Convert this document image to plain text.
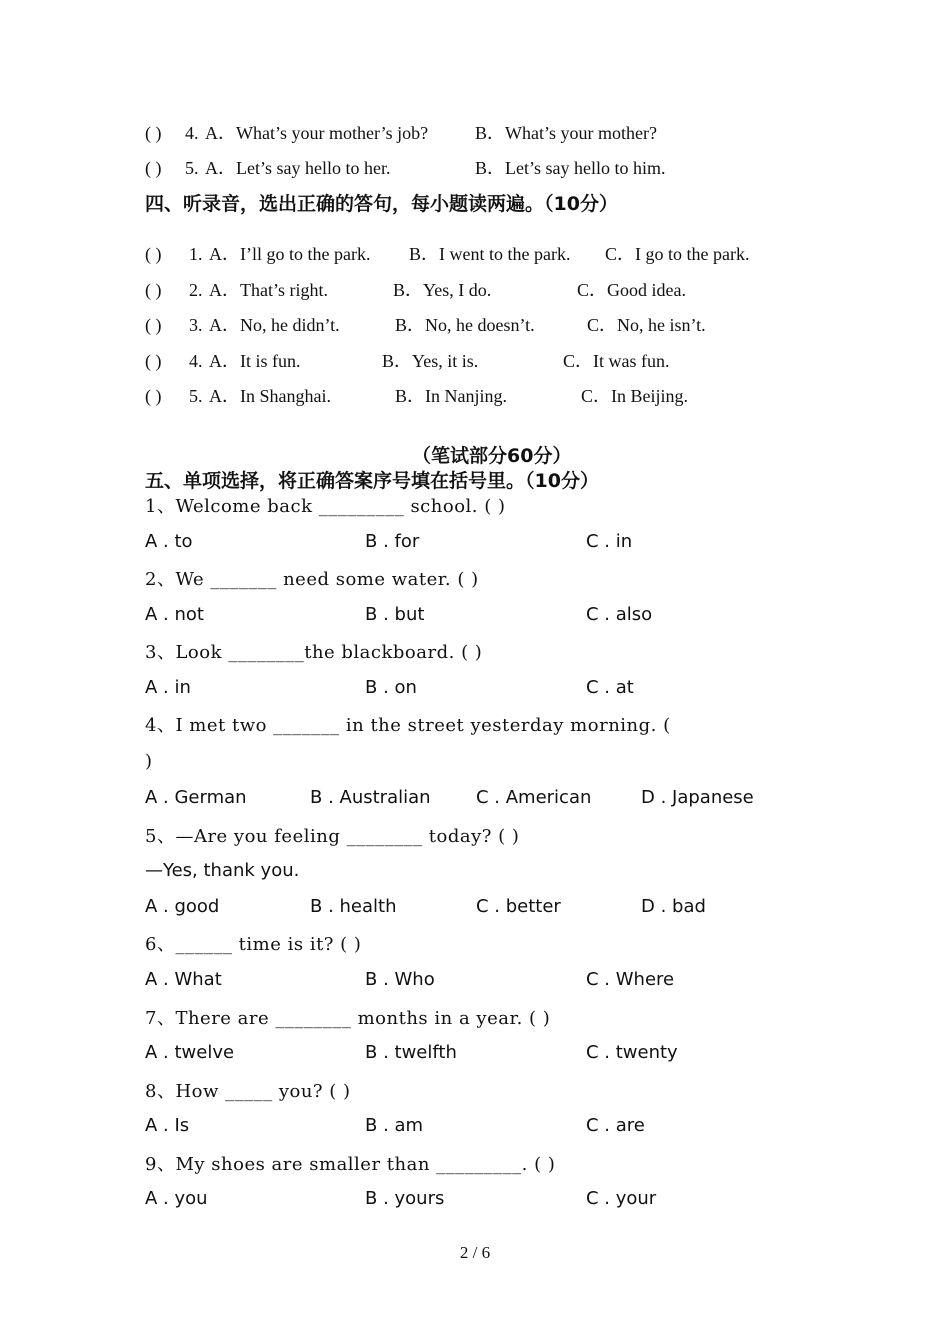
( ) 4. A．What’s your mother’s job?	B．What’s your mother?
( ) 5. A．Let’s say hello to her.	B．Let’s say hello to him.
四、听录音，选出正确的答句，每小题读两遍。（10分）
( ) 1. A．I’ll go to the park. B．I went to the park. C．I go to the park.
( ) 2. A．That’s right.	B．Yes, I do.	C．Good idea.
( ) 3. A．No, he didn’t.	B．No, he doesn’t.	C．No, he isn’t.
( ) 4. A．It is fun.	B．Yes, it is.	C．It was fun.
( ) 5. A．In Shanghai.	B．In Nanjing.	C．In Beijing.
（笔试部分60分）
五、单项选择，将正确答案序号填在括号里。（10分）
1、Welcome back _________ school. ( )
A . to	B . for	C . in
2、We _______ need some water. ( )
A . not	B . but	C . also
3、Look ________the blackboard. ( )
A . in	B . on	C . at
4、I met two _______ in the street yesterday morning. (
)
A . German	B . Australian	C . American	D . Japanese
5、—Are you feeling ________ today? ( )
—Yes, thank you.
A . good	B . health	C . better	D . bad
6、______ time is it? ( )
A . What	B . Who	C . Where
7、There are ________ months in a year. ( )
A . twelve	B . twelfth	C . twenty
8、How _____ you? ( )
A . Is	B . am	C . are
9、My shoes are smaller than _________. ( )
A . you	B . yours	C . your
2 / 6
